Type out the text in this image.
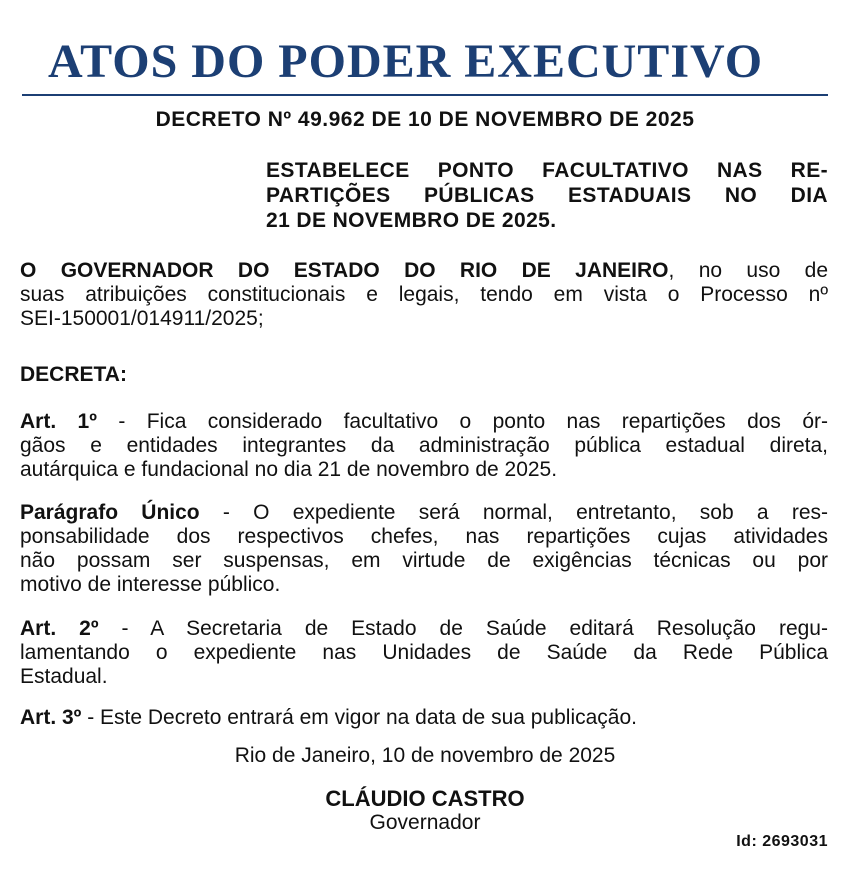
ATOS DO PODER EXECUTIVO
DECRETO Nº 49.962 DE 10 DE NOVEMBRO DE 2025
ESTABELECE PONTO FACULTATIVO NAS RE-
PARTIÇÕES PÚBLICAS ESTADUAIS NO DIA
21 DE NOVEMBRO DE 2025.
O GOVERNADOR DO ESTADO DO RIO DE JANEIRO, no uso de
suas atribuições constitucionais e legais, tendo em vista o Processo nº
SEI-150001/014911/2025;
DECRETA:
Art. 1º - Fica considerado facultativo o ponto nas repartições dos ór-
gãos e entidades integrantes da administração pública estadual direta,
autárquica e fundacional no dia 21 de novembro de 2025.
Parágrafo Único - O expediente será normal, entretanto, sob a res-
ponsabilidade dos respectivos chefes, nas repartições cujas atividades
não possam ser suspensas, em virtude de exigências técnicas ou por
motivo de interesse público.
Art. 2º - A Secretaria de Estado de Saúde editará Resolução regu-
lamentando o expediente nas Unidades de Saúde da Rede Pública
Estadual.
Art. 3º - Este Decreto entrará em vigor na data de sua publicação.
Rio de Janeiro, 10 de novembro de 2025
CLÁUDIO CASTRO
Governador
Id: 2693031
